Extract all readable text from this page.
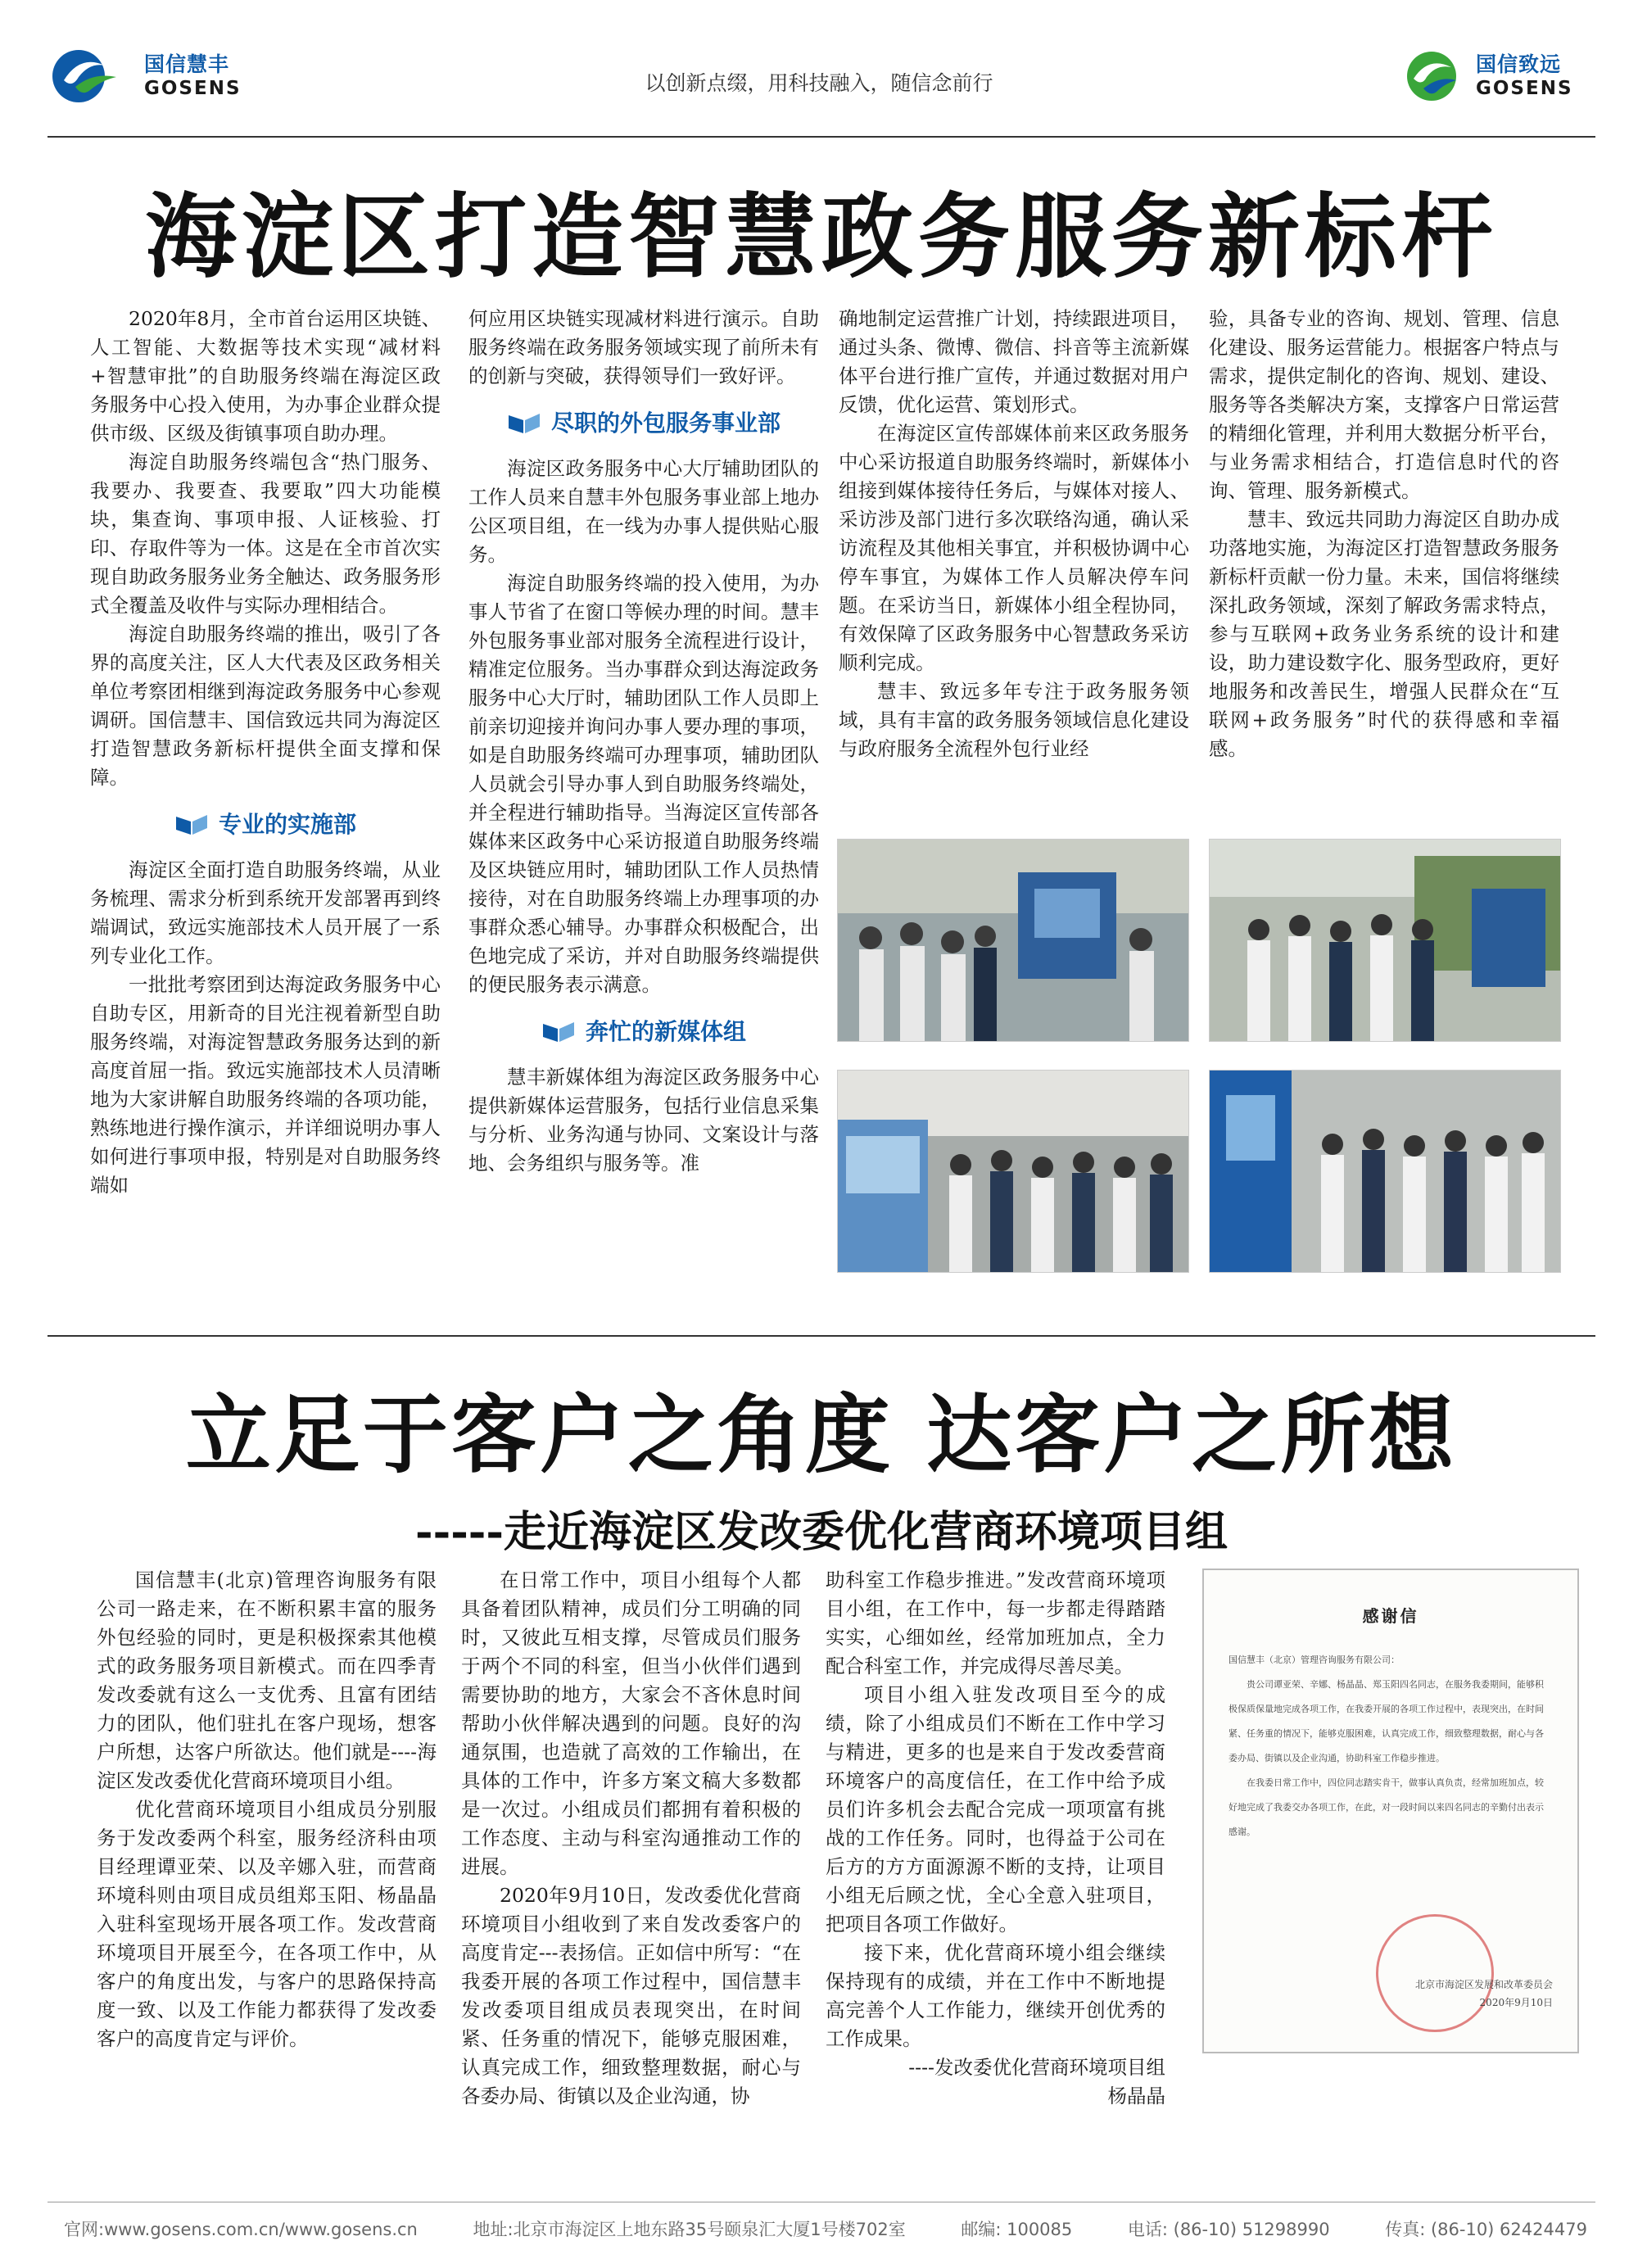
国信慧丰
GOSENS	以创新点缀，用科技融入，随信念前行
国信致远
GOSENS
海淀区打造智慧政务服务新标杆

2020年8月，全市首台运用区块链、人工智能、大数据等技术实现“减材料+智慧审批”的自助服务终端在海淀区政务服务中心投入使用，为办事企业群众提供市级、区级及街镇事项自助办理。

海淀自助服务终端包含“热门服务、我要办、我要查、我要取”四大功能模块，集查询、事项申报、人证核验、打印、存取件等为一体。这是在全市首次实现自助政务服务业务全触达、政务服务形式全覆盖及收件与实际办理相结合。

海淀自助服务终端的推出，吸引了各界的高度关注，区人大代表及区政务相关单位考察团相继到海淀政务服务中心参观调研。国信慧丰、国信致远共同为海淀区打造智慧政务新标杆提供全面支撑和保障。

专业的实施部

海淀区全面打造自助服务终端，从业务梳理、需求分析到系统开发部署再到终端调试，致远实施部技术人员开展了一系列专业化工作。

一批批考察团到达海淀政务服务中心自助专区，用新奇的目光注视着新型自助服务终端，对海淀智慧政务服务达到的新高度首屈一指。致远实施部技术人员清晰地为大家讲解自助服务终端的各项功能，熟练地进行操作演示，并详细说明办事人如何进行事项申报，特别是对自助服务终端如

何应用区块链实现减材料进行演示。自助服务终端在政务服务领域实现了前所未有的创新与突破，获得领导们一致好评。

尽职的外包服务事业部

海淀区政务服务中心大厅辅助团队的工作人员来自慧丰外包服务事业部上地办公区项目组，在一线为办事人提供贴心服务。

海淀自助服务终端的投入使用，为办事人节省了在窗口等候办理的时间。慧丰外包服务事业部对服务全流程进行设计，精准定位服务。当办事群众到达海淀政务服务中心大厅时，辅助团队工作人员即上前亲切迎接并询问办事人要办理的事项，如是自助服务终端可办理事项，辅助团队人员就会引导办事人到自助服务终端处，并全程进行辅助指导。当海淀区宣传部各媒体来区政务中心采访报道自助服务终端及区块链应用时，辅助团队工作人员热情接待，对在自助服务终端上办理事项的办事群众悉心辅导。办事群众积极配合，出色地完成了采访，并对自助服务终端提供的便民服务表示满意。

奔忙的新媒体组

慧丰新媒体组为海淀区政务服务中心提供新媒体运营服务，包括行业信息采集与分析、业务沟通与协同、文案设计与落地、会务组织与服务等。准

确地制定运营推广计划，持续跟进项目，通过头条、微博、微信、抖音等主流新媒体平台进行推广宣传，并通过数据对用户反馈，优化运营、策划形式。

在海淀区宣传部媒体前来区政务服务中心采访报道自助服务终端时，新媒体小组接到媒体接待任务后，与媒体对接人、采访涉及部门进行多次联络沟通，确认采访流程及其他相关事宜，并积极协调中心停车事宜，为媒体工作人员解决停车问题。在采访当日，新媒体小组全程协同，有效保障了区政务服务中心智慧政务采访顺利完成。

慧丰、致远多年专注于政务服务领域，具有丰富的政务服务领域信息化建设与政府服务全流程外包行业经

验，具备专业的咨询、规划、管理、信息化建设、服务运营能力。根据客户特点与需求，提供定制化的咨询、规划、建设、服务等各类解决方案，支撑客户日常运营的精细化管理，并利用大数据分析平台，与业务需求相结合，打造信息时代的咨询、管理、服务新模式。

慧丰、致远共同助力海淀区自助办成功落地实施，为海淀区打造智慧政务服务新标杆贡献一份力量。未来，国信将继续深扎政务领域，深刻了解政务需求特点，参与互联网+政务业务系统的设计和建设，助力建设数字化、服务型政府，更好地服务和改善民生，增强人民群众在“互联网+政务服务”时代的获得感和幸福感。

立足于客户之角度 达客户之所想
-----走近海淀区发改委优化营商环境项目组

国信慧丰(北京)管理咨询服务有限公司一路走来，在不断积累丰富的服务外包经验的同时，更是积极探索其他模式的政务服务项目新模式。而在四季青发改委就有这么一支优秀、且富有团结力的团队，他们驻扎在客户现场，想客户所想，达客户所欲达。他们就是----海淀区发改委优化营商环境项目小组。

优化营商环境项目小组成员分别服务于发改委两个科室，服务经济科由项目经理谭亚荣、以及辛娜入驻，而营商环境科则由项目成员组郑玉阳、杨晶晶入驻科室现场开展各项工作。发改营商环境项目开展至今，在各项工作中，从客户的角度出发，与客户的思路保持高度一致、以及工作能力都获得了发改委客户的高度肯定与评价。

在日常工作中，项目小组每个人都具备着团队精神，成员们分工明确的同时，又彼此互相支撑，尽管成员们服务于两个不同的科室，但当小伙伴们遇到需要协助的地方，大家会不吝休息时间帮助小伙伴解决遇到的问题。良好的沟通氛围，也造就了高效的工作输出，在具体的工作中，许多方案文稿大多数都是一次过。小组成员们都拥有着积极的工作态度、主动与科室沟通推动工作的进展。

2020年9月10日，发改委优化营商环境项目小组收到了来自发改委客户的高度肯定---表扬信。正如信中所写：“在我委开展的各项工作过程中，国信慧丰发改委项目组成员表现突出，在时间紧、任务重的情况下，能够克服困难，认真完成工作，细致整理数据，耐心与各委办局、街镇以及企业沟通，协

助科室工作稳步推进。”发改营商环境项目小组，在工作中，每一步都走得踏踏实实，心细如丝，经常加班加点，全力配合科室工作，并完成得尽善尽美。

项目小组入驻发改项目至今的成绩，除了小组成员们不断在工作中学习与精进，更多的也是来自于发改委营商环境客户的高度信任，在工作中给予成员们许多机会去配合完成一项项富有挑战的工作任务。同时，也得益于公司在后方的方方面源源不断的支持，让项目小组无后顾之忧，全心全意入驻项目，把项目各项工作做好。

接下来，优化营商环境小组会继续保持现有的成绩，并在工作中不断地提高完善个人工作能力，继续开创优秀的工作成果。

----发改委优化营商环境项目组

杨晶晶

感谢信

国信慧丰（北京）管理咨询服务有限公司：

贵公司谭亚荣、辛娜、杨晶晶、郑玉阳四名同志，在服务我委期间，能够积极保质保量地完成各项工作，在我委开展的各项工作过程中，表现突出，在时间紧、任务重的情况下，能够克服困难，认真完成工作，细致整理数据，耐心与各委办局、街镇以及企业沟通，协助科室工作稳步推进。

在我委日常工作中，四位同志踏实肯干，做事认真负责，经常加班加点，较好地完成了我委交办各项工作，在此，对一段时间以来四名同志的辛勤付出表示感谢。

北京市海淀区发展和改革委员会
2020年9月10日
官网:www.gosens.com.cn/www.gosens.cn	地址:北京市海淀区上地东路35号颐泉汇大厦1号楼702室	邮编: 100085	电话: (86-10) 51298990	传真: (86-10) 62424479
